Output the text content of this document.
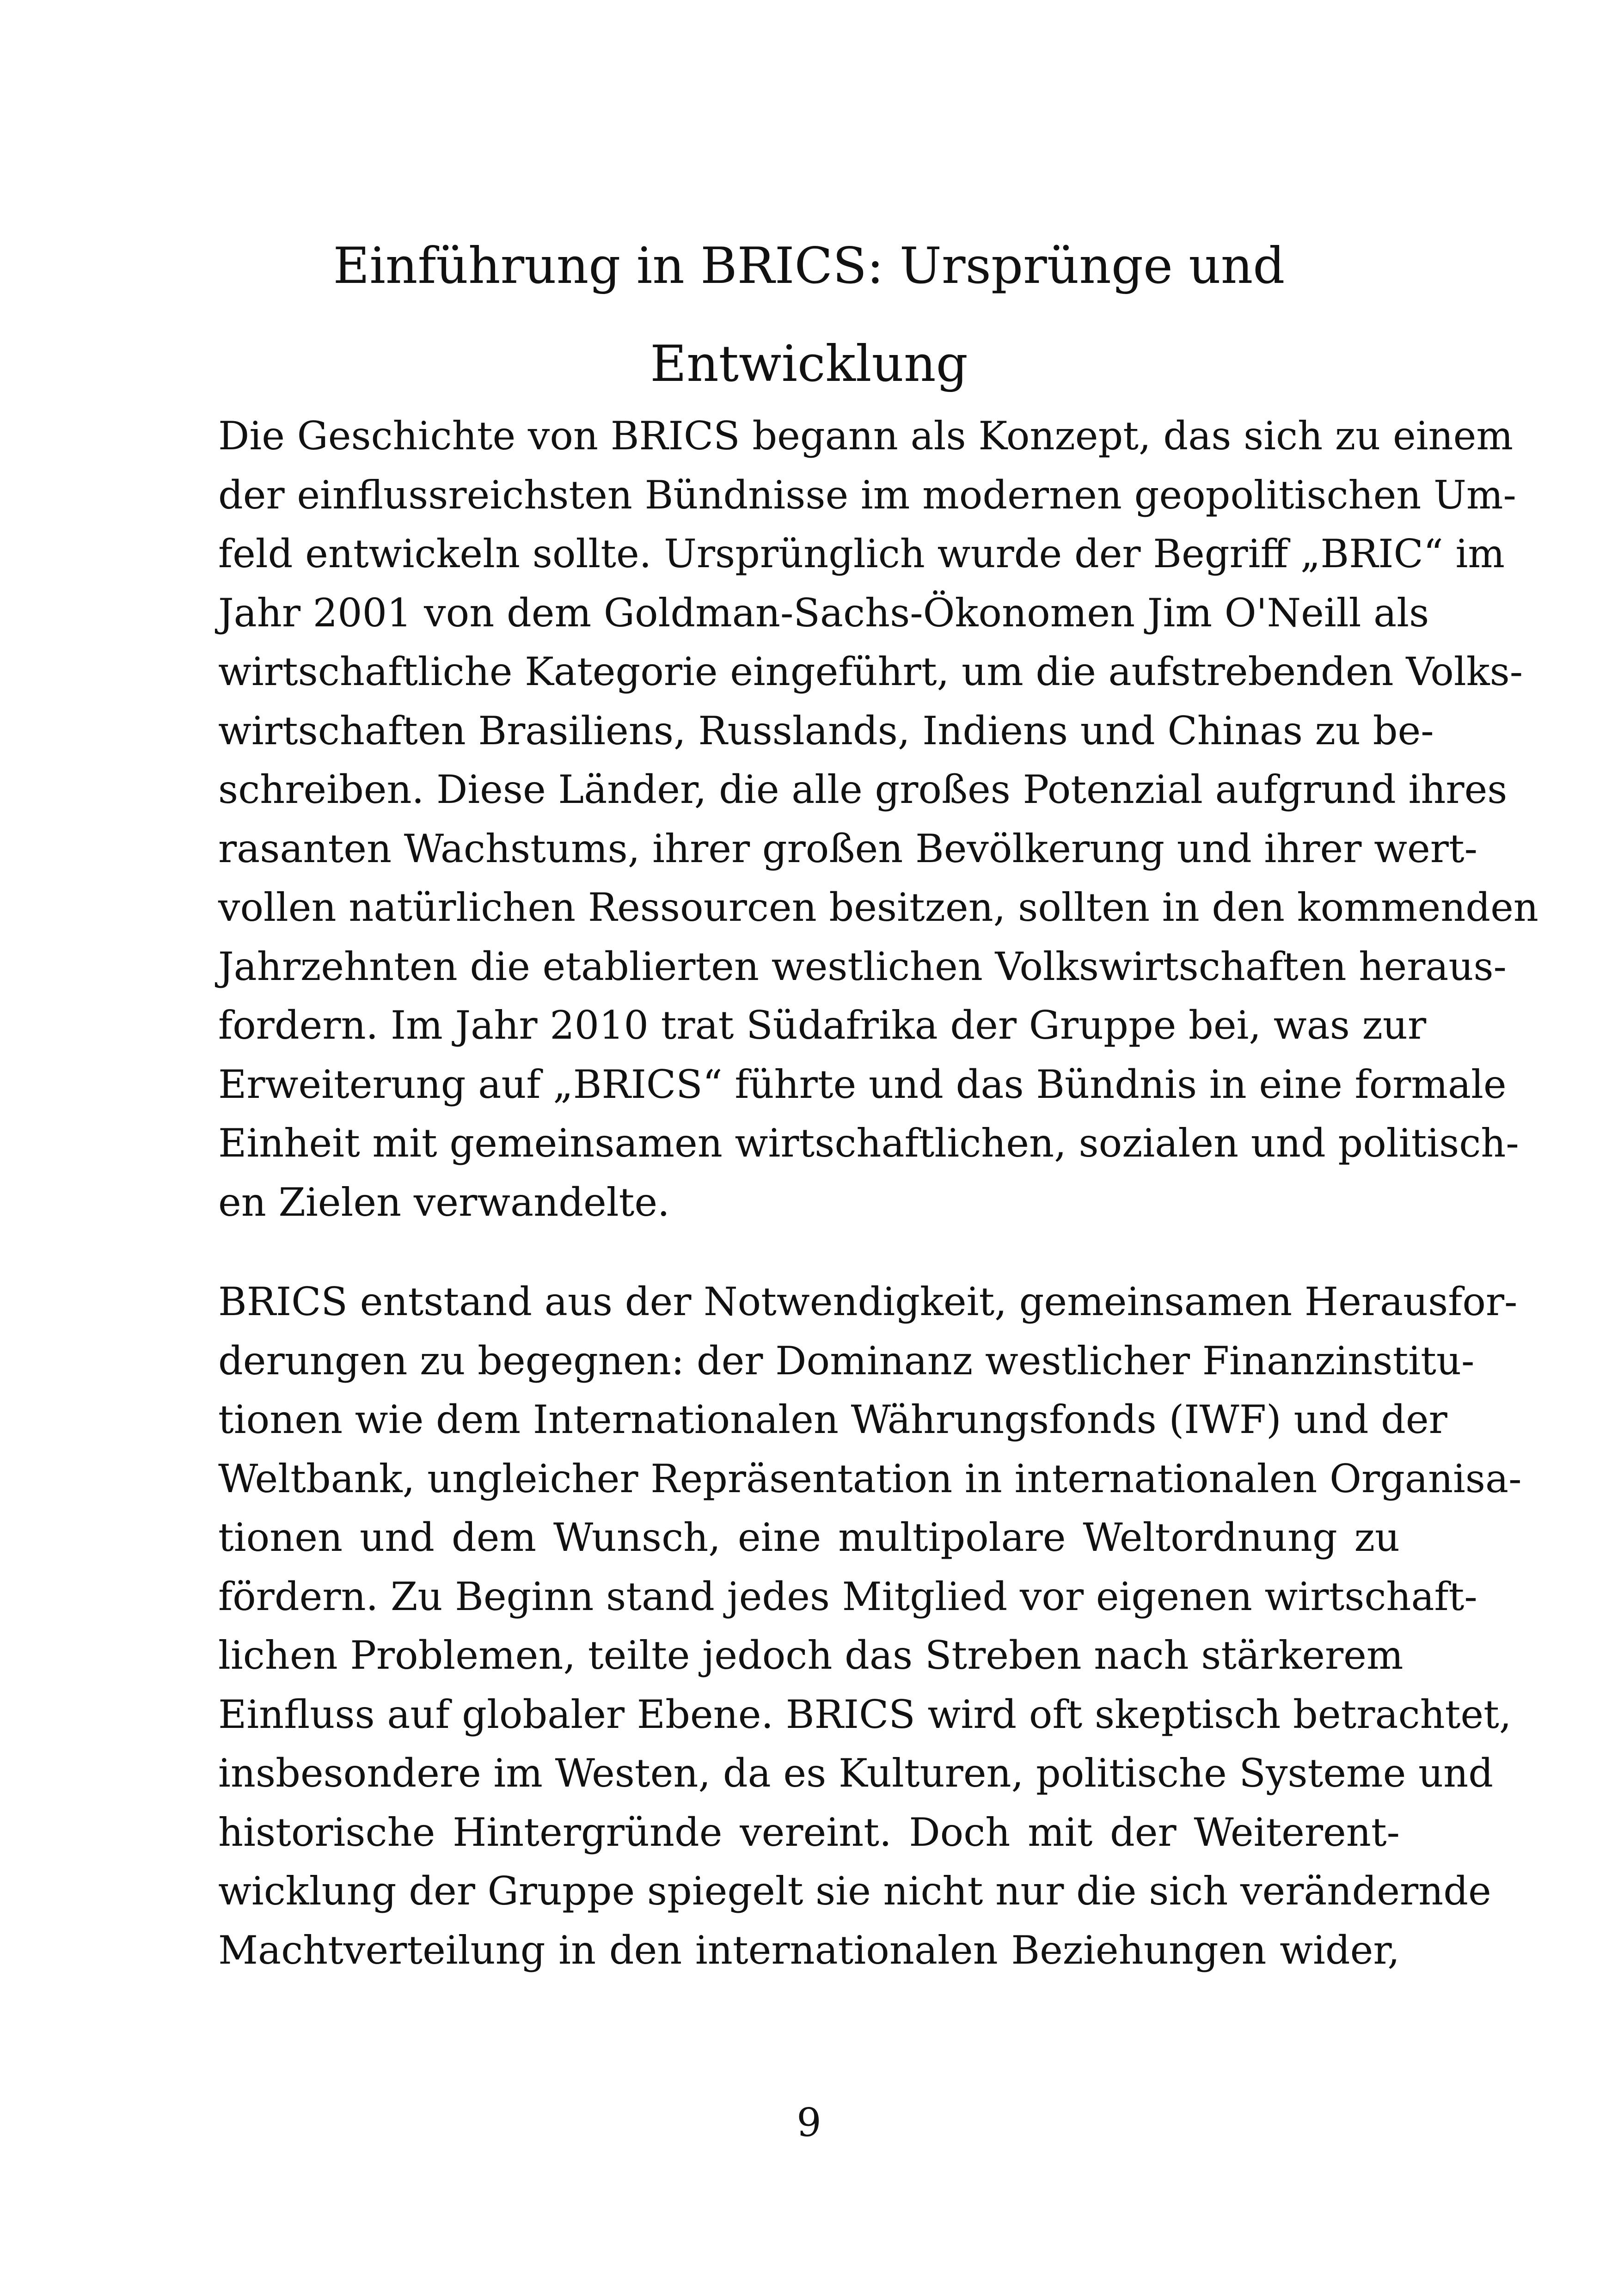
Einführung in BRICS: Ursprünge und
Entwicklung

Die Geschichte von BRICS begann als Konzept, das sich zu einem
der einflussreichsten Bündnisse im modernen geopolitischen Um-
feld entwickeln sollte. Ursprünglich wurde der Begriff „BRIC“ im
Jahr 2001 von dem Goldman-Sachs-Ökonomen Jim O'Neill als
wirtschaftliche Kategorie eingeführt, um die aufstrebenden Volks-
wirtschaften Brasiliens, Russlands, Indiens und Chinas zu be-
schreiben. Diese Länder, die alle großes Potenzial aufgrund ihres
rasanten Wachstums, ihrer großen Bevölkerung und ihrer wert-
vollen natürlichen Ressourcen besitzen, sollten in den kommenden
Jahrzehnten die etablierten westlichen Volkswirtschaften heraus-
fordern. Im Jahr 2010 trat Südafrika der Gruppe bei, was zur
Erweiterung auf „BRICS“ führte und das Bündnis in eine formale
Einheit mit gemeinsamen wirtschaftlichen, sozialen und politisch-
en Zielen verwandelte.

BRICS entstand aus der Notwendigkeit, gemeinsamen Herausfor-
derungen zu begegnen: der Dominanz westlicher Finanzinstitu-
tionen wie dem Internationalen Währungsfonds (IWF) und der
Weltbank, ungleicher Repräsentation in internationalen Organisa-
tionen und dem Wunsch, eine multipolare Weltordnung zu
fördern. Zu Beginn stand jedes Mitglied vor eigenen wirtschaft-
lichen Problemen, teilte jedoch das Streben nach stärkerem
Einfluss auf globaler Ebene. BRICS wird oft skeptisch betrachtet,
insbesondere im Westen, da es Kulturen, politische Systeme und
historische Hintergründe vereint. Doch mit der Weiterent-
wicklung der Gruppe spiegelt sie nicht nur die sich verändernde
Machtverteilung in den internationalen Beziehungen wider,

9
